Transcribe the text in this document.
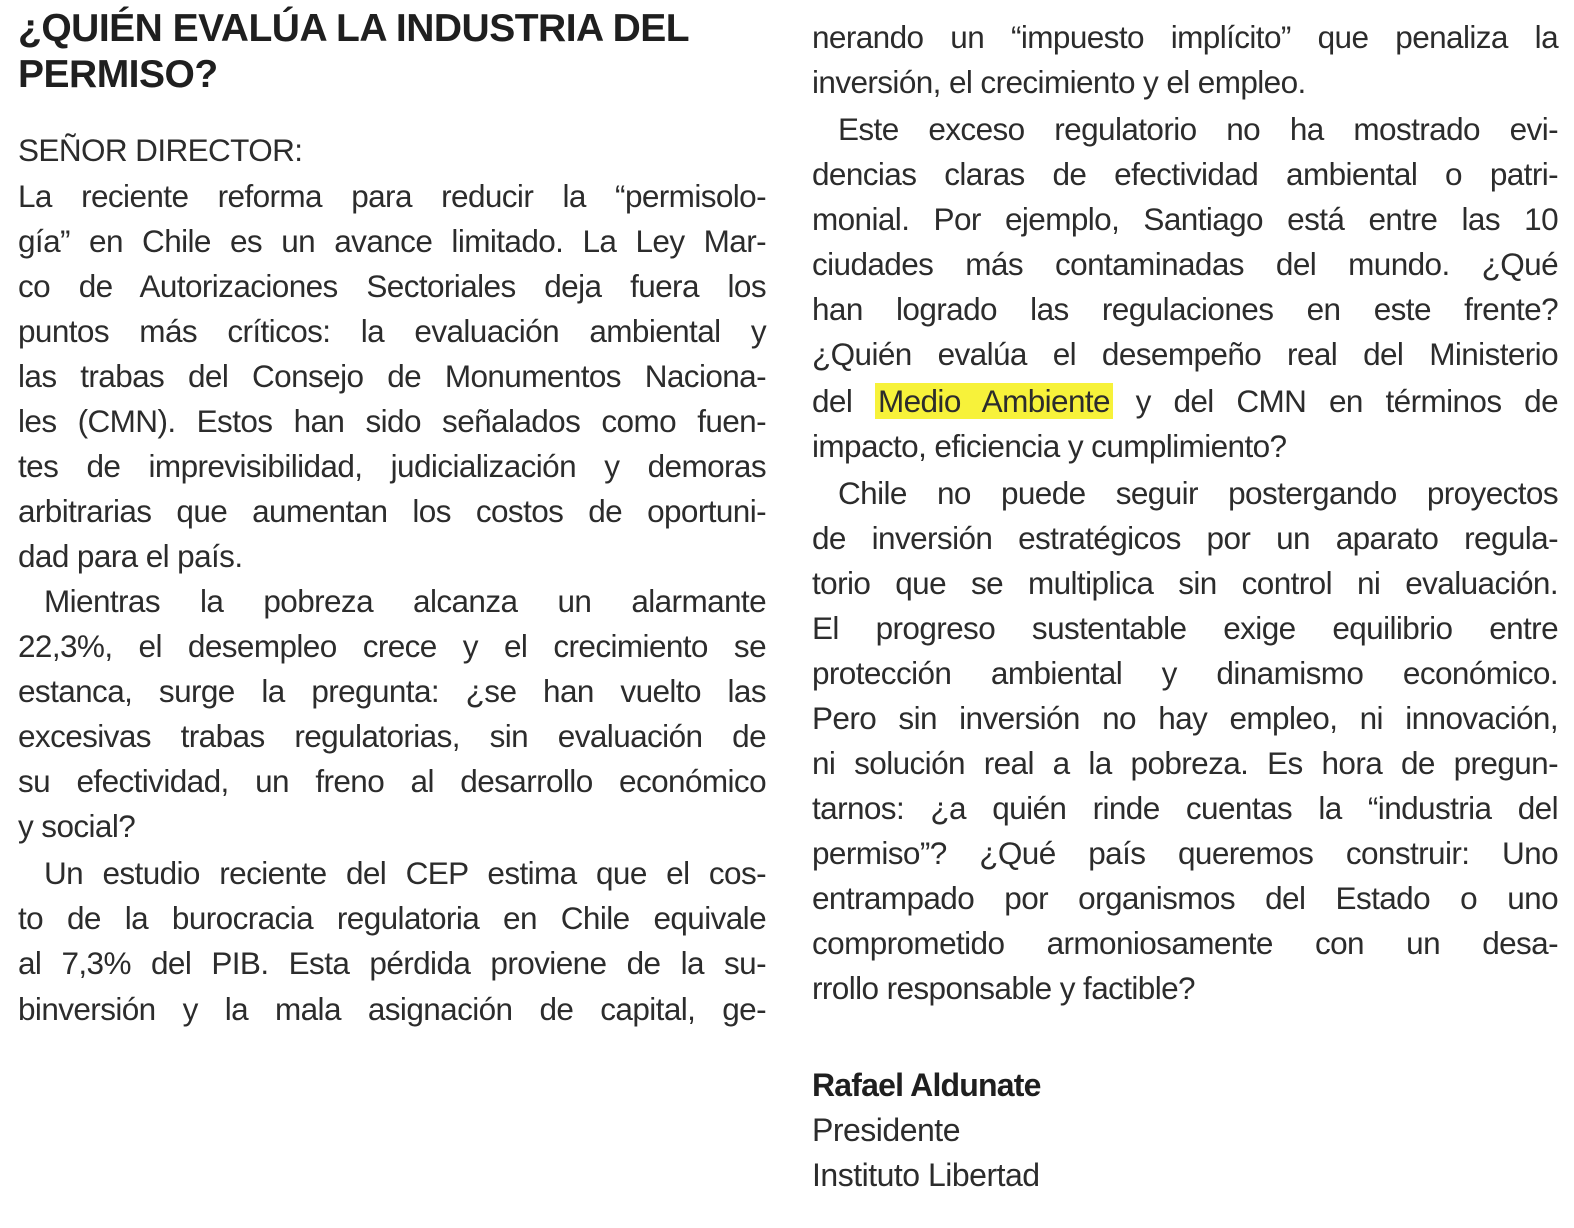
¿QUIÉN EVALÚA LA INDUSTRIA DEL PERMISO?
SEÑOR DIRECTOR:
La reciente reforma para reducir la “permisolo-
gía” en Chile es un avance limitado. La Ley Mar-
co de Autorizaciones Sectoriales deja fuera los
puntos más críticos: la evaluación ambiental y
las trabas del Consejo de Monumentos Naciona-
les (CMN). Estos han sido señalados como fuen-
tes de imprevisibilidad, judicialización y demoras
arbitrarias que aumentan los costos de oportuni-
dad para el país.
Mientras la pobreza alcanza un alarmante
22,3%, el desempleo crece y el crecimiento se
estanca, surge la pregunta: ¿se han vuelto las
excesivas trabas regulatorias, sin evaluación de
su efectividad, un freno al desarrollo económico
y social?
Un estudio reciente del CEP estima que el cos-
to de la burocracia regulatoria en Chile equivale
al 7,3% del PIB. Esta pérdida proviene de la su-
binversión y la mala asignación de capital, ge-
nerando un “impuesto implícito” que penaliza la
inversión, el crecimiento y el empleo.
Este exceso regulatorio no ha mostrado evi-
dencias claras de efectividad ambiental o patri-
monial. Por ejemplo, Santiago está entre las 10
ciudades más contaminadas del mundo. ¿Qué
han logrado las regulaciones en este frente?
¿Quién evalúa el desempeño real del Ministerio
del Medio Ambiente y del CMN en términos de
impacto, eficiencia y cumplimiento?
Chile no puede seguir postergando proyectos
de inversión estratégicos por un aparato regula-
torio que se multiplica sin control ni evaluación.
El progreso sustentable exige equilibrio entre
protección ambiental y dinamismo económico.
Pero sin inversión no hay empleo, ni innovación,
ni solución real a la pobreza. Es hora de pregun-
tarnos: ¿a quién rinde cuentas la “industria del
permiso”? ¿Qué país queremos construir: Uno
entrampado por organismos del Estado o uno
comprometido armoniosamente con un desa-
rrollo responsable y factible?
Rafael Aldunate
Presidente
Instituto Libertad
